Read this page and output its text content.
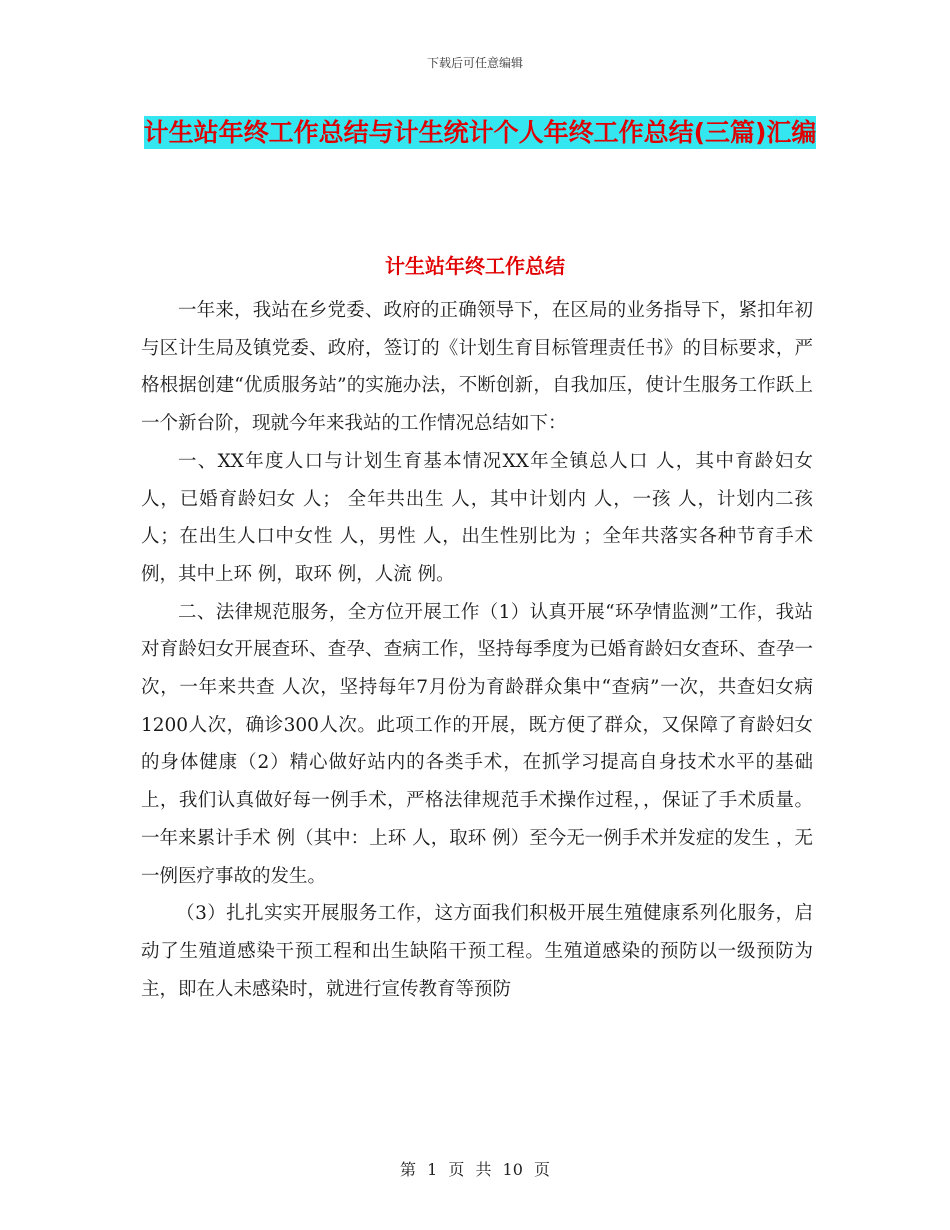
下载后可任意编辑
计生站年终工作总结与计生统计个人年终工作总结(三篇)汇编
计生站年终工作总结

一年来，我站在乡党委、政府的正确领导下，在区局的业务指导下，紧扣年初与区计生局及镇党委、政府，签订的《计划生育目标管理责任书》的目标要求，严格根据创建“优质服务站”的实施办法，不断创新，自我加压，使计生服务工作跃上一个新台阶，现就今年来我站的工作情况总结如下：

一、XX年度人口与计划生育基本情况XX年全镇总人口 人，其中育龄妇女 人，已婚育龄妇女 人； 全年共出生 人，其中计划内 人，一孩 人，计划内二孩 人；在出生人口中女性 人，男性 人，出生性别比为 ；全年共落实各种节育手术 例，其中上环 例，取环 例，人流 例。

二、法律规范服务，全方位开展工作（1）认真开展“环孕情监测”工作，我站对育龄妇女开展查环、查孕、查病工作，坚持每季度为已婚育龄妇女查环、查孕一次，一年来共查 人次，坚持每年7月份为育龄群众集中“查病”一次，共查妇女病1200人次，确诊300人次。此项工作的开展，既方便了群众，又保障了育龄妇女的身体健康（2）精心做好站内的各类手术，在抓学习提高自身技术水平的基础上，我们认真做好每一例手术，严格法律规范手术操作过程，，保证了手术质量。一年来累计手术 例（其中：上环 人，取环 例）至今无一例手术并发症的发生 ，无一例医疗事故的发生。

（3）扎扎实实开展服务工作，这方面我们积极开展生殖健康系列化服务，启动了生殖道感染干预工程和出生缺陷干预工程。生殖道感染的预防以一级预防为主，即在人未感染时，就进行宣传教育等预防

第 1 页 共 10 页
